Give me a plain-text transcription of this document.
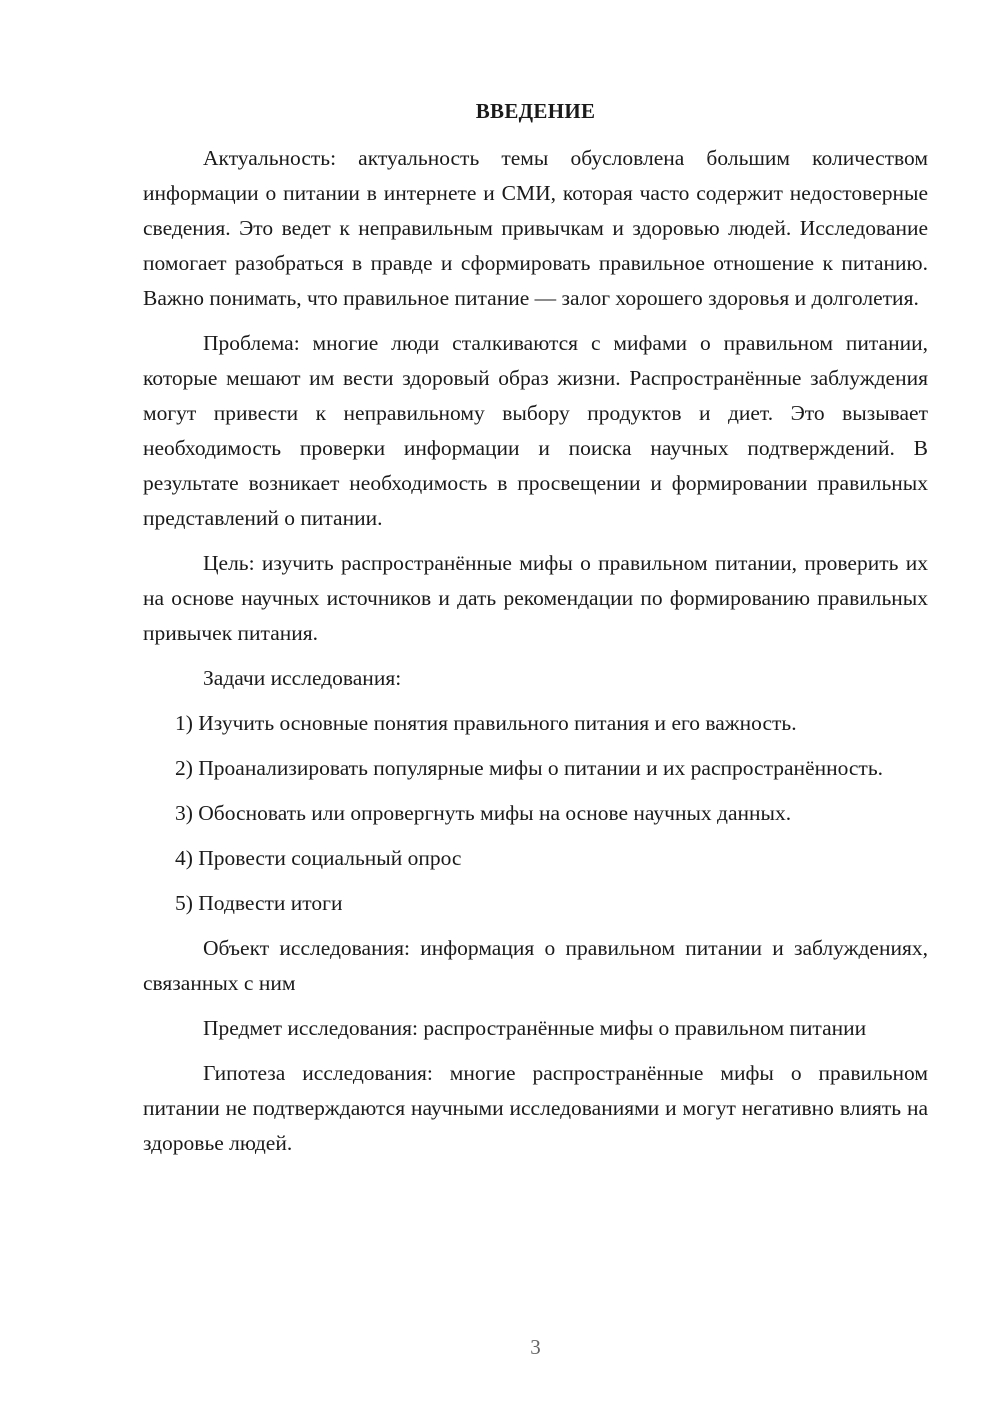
ВВЕДЕНИЕ

Актуальность: актуальность темы обусловлена большим количеством информации о питании в интернете и СМИ, которая часто содержит недостоверные сведения. Это ведет к неправильным привычкам и здоровью людей. Исследование помогает разобраться в правде и сформировать правильное отношение к питанию. Важно понимать, что правильное питание — залог хорошего здоровья и долголетия.

Проблема: многие люди сталкиваются с мифами о правильном питании, которые мешают им вести здоровый образ жизни. Распространённые заблуждения могут привести к неправильному выбору продуктов и диет. Это вызывает необходимость проверки информации и поиска научных подтверждений. В результате возникает необходимость в просвещении и формировании правильных представлений о питании.

Цель: изучить распространённые мифы о правильном питании, проверить их на основе научных источников и дать рекомендации по формированию правильных привычек питания.

Задачи исследования:

1) Изучить основные понятия правильного питания и его важность.

2) Проанализировать популярные мифы о питании и их распространённость.

3) Обосновать или опровергнуть мифы на основе научных данных.

4) Провести социальный опрос

5) Подвести итоги

Объект исследования: информация о правильном питании и заблуждениях, связанных с ним

Предмет исследования: распространённые мифы о правильном питании

Гипотеза исследования: многие распространённые мифы о правильном питании не подтверждаются научными исследованиями и могут негативно влиять на здоровье людей.

3
